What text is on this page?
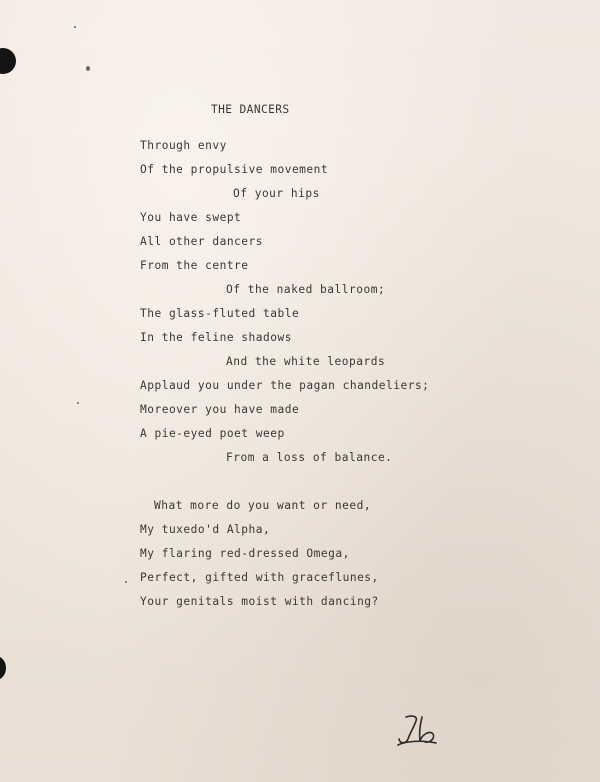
THE DANCERS
Through envy
Of the propulsive movement
Of your hips
You have swept
All other dancers
From the centre
Of the naked ballroom;
The glass-fluted table
In the feline shadows
And the white leopards
Applaud you under the pagan chandeliers;
Moreover you have made
A pie-eyed poet weep
From a loss of balance.
What more do you want or need,
My tuxedo'd Alpha,
My flaring red-dressed Omega,
Perfect, gifted with graceflunes,
Your genitals moist with dancing?
